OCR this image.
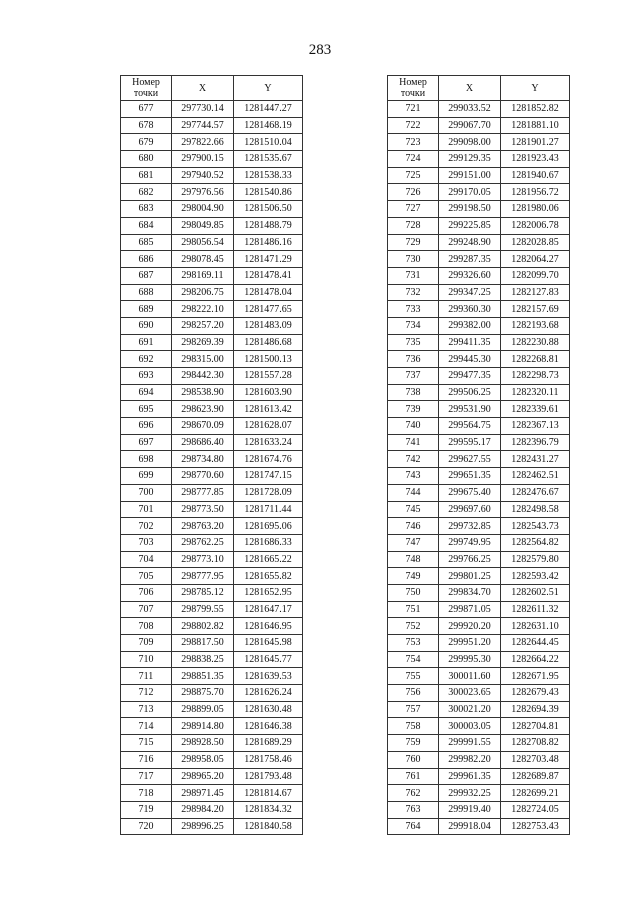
283
Номер
точки	X	Y
677	297730.14	1281447.27
678	297744.57	1281468.19
679	297822.66	1281510.04
680	297900.15	1281535.67
681	297940.52	1281538.33
682	297976.56	1281540.86
683	298004.90	1281506.50
684	298049.85	1281488.79
685	298056.54	1281486.16
686	298078.45	1281471.29
687	298169.11	1281478.41
688	298206.75	1281478.04
689	298222.10	1281477.65
690	298257.20	1281483.09
691	298269.39	1281486.68
692	298315.00	1281500.13
693	298442.30	1281557.28
694	298538.90	1281603.90
695	298623.90	1281613.42
696	298670.09	1281628.07
697	298686.40	1281633.24
698	298734.80	1281674.76
699	298770.60	1281747.15
700	298777.85	1281728.09
701	298773.50	1281711.44
702	298763.20	1281695.06
703	298762.25	1281686.33
704	298773.10	1281665.22
705	298777.95	1281655.82
706	298785.12	1281652.95
707	298799.55	1281647.17
708	298802.82	1281646.95
709	298817.50	1281645.98
710	298838.25	1281645.77
711	298851.35	1281639.53
712	298875.70	1281626.24
713	298899.05	1281630.48
714	298914.80	1281646.38
715	298928.50	1281689.29
716	298958.05	1281758.46
717	298965.20	1281793.48
718	298971.45	1281814.67
719	298984.20	1281834.32
720	298996.25	1281840.58
Номер
точки	X	Y
721	299033.52	1281852.82
722	299067.70	1281881.10
723	299098.00	1281901.27
724	299129.35	1281923.43
725	299151.00	1281940.67
726	299170.05	1281956.72
727	299198.50	1281980.06
728	299225.85	1282006.78
729	299248.90	1282028.85
730	299287.35	1282064.27
731	299326.60	1282099.70
732	299347.25	1282127.83
733	299360.30	1282157.69
734	299382.00	1282193.68
735	299411.35	1282230.88
736	299445.30	1282268.81
737	299477.35	1282298.73
738	299506.25	1282320.11
739	299531.90	1282339.61
740	299564.75	1282367.13
741	299595.17	1282396.79
742	299627.55	1282431.27
743	299651.35	1282462.51
744	299675.40	1282476.67
745	299697.60	1282498.58
746	299732.85	1282543.73
747	299749.95	1282564.82
748	299766.25	1282579.80
749	299801.25	1282593.42
750	299834.70	1282602.51
751	299871.05	1282611.32
752	299920.20	1282631.10
753	299951.20	1282644.45
754	299995.30	1282664.22
755	300011.60	1282671.95
756	300023.65	1282679.43
757	300021.20	1282694.39
758	300003.05	1282704.81
759	299991.55	1282708.82
760	299982.20	1282703.48
761	299961.35	1282689.87
762	299932.25	1282699.21
763	299919.40	1282724.05
764	299918.04	1282753.43
